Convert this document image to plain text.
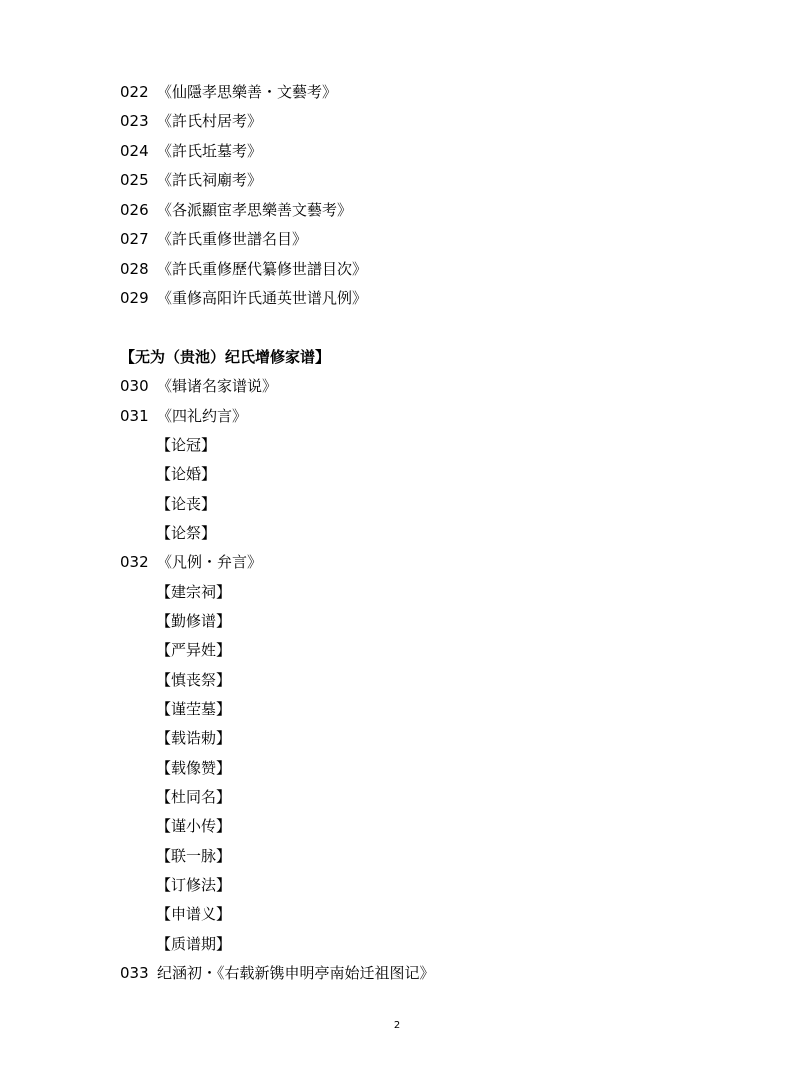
022 《仙隱孝思樂善・文藝考》
023 《許氏村居考》
024 《許氏坵墓考》
025 《許氏祠廟考》
026 《各派顯宦孝思樂善文藝考》
027 《許氏重修世譜名目》
028 《許氏重修歷代纂修世譜目次》
029 《重修高阳许氏通英世谱凡例》
【无为（贵池）纪氏增修家谱】
030 《辑诸名家谱说》
031 《四礼约言》
【论冠】
【论婚】
【论丧】
【论祭】
032 《凡例・弁言》
【建宗祠】
【勤修谱】
【严异姓】
【慎丧祭】
【谨茔墓】
【载诰勅】
【载像赞】
【杜同名】
【谨小传】
【联一脉】
【订修法】
【申谱义】
【质谱期】
033 纪涵初・《右载新镌申明亭南始迁祖图记》
2
